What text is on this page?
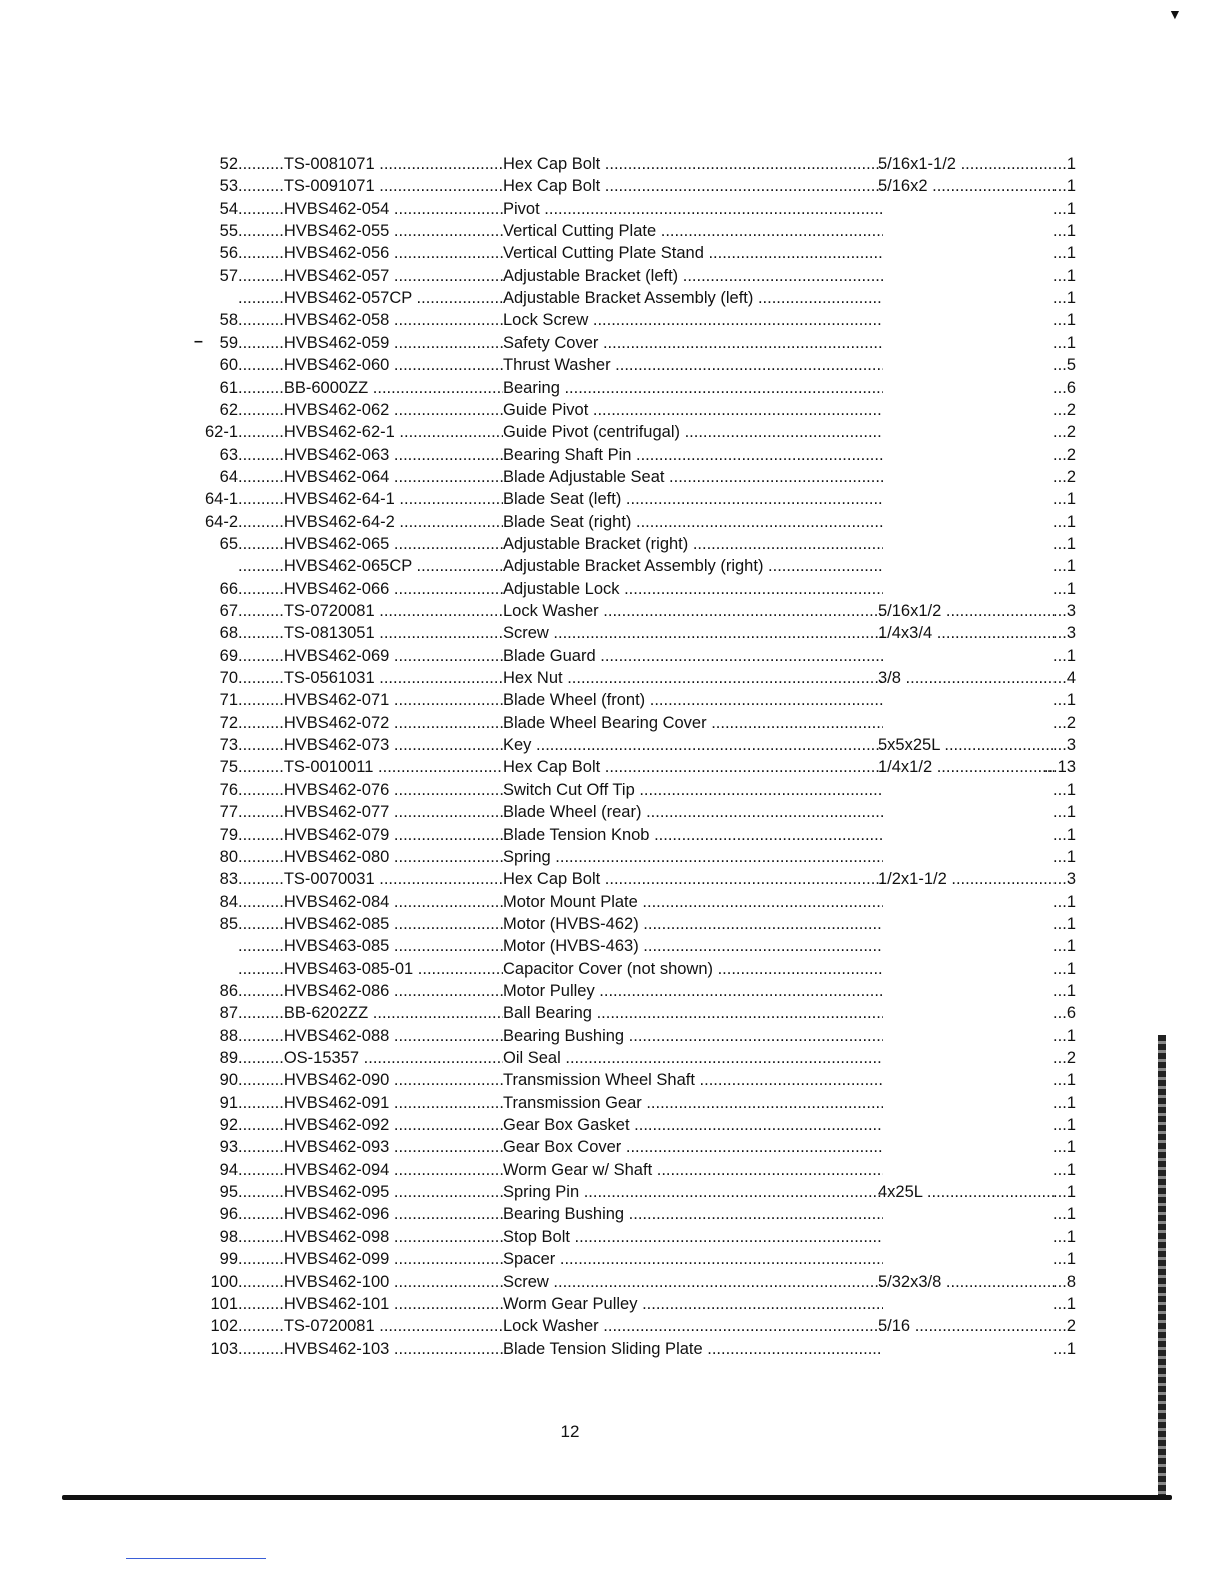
52	..... TS-0081071 .....	Hex Cap Bolt .....	5/16x1-1/2 .....	... 1
53	..... TS-0091071 .....	Hex Cap Bolt .....	5/16x2 .....	... 1
54	..... HVBS462-054 .....	Pivot .....	... 1
55	..... HVBS462-055 .....	Vertical Cutting Plate .....	... 1
56	..... HVBS462-056 .....	Vertical Cutting Plate Stand .....	... 1
57	..... HVBS462-057 .....	Adjustable Bracket (left) .....	... 1
..... HVBS462-057CP .....	Adjustable Bracket Assembly (left) .....	... 1
58	..... HVBS462-058 .....	Lock Screw .....	... 1
59	..... HVBS462-059 .....	Safety Cover .....	... 1
60	..... HVBS462-060 .....	Thrust Washer .....	... 5
61	..... BB-6000ZZ .....	Bearing .....	... 6
62	..... HVBS462-062 .....	Guide Pivot .....	... 2
62-1	..... HVBS462-62-1 .....	Guide Pivot (centrifugal) .....	... 2
63	..... HVBS462-063 .....	Bearing Shaft Pin .....	... 2
64	..... HVBS462-064 .....	Blade Adjustable Seat .....	... 2
64-1	..... HVBS462-64-1 .....	Blade Seat (left) .....	... 1
64-2	..... HVBS462-64-2 .....	Blade Seat (right) .....	... 1
65	..... HVBS462-065 .....	Adjustable Bracket (right) .....	... 1
..... HVBS462-065CP .....	Adjustable Bracket Assembly (right) .....	... 1
66	..... HVBS462-066 .....	Adjustable Lock .....	... 1
67	..... TS-0720081 .....	Lock Washer .....	5/16x1/2 .....	... 3
68	..... TS-0813051 .....	Screw .....	1/4x3/4 .....	... 3
69	..... HVBS462-069 .....	Blade Guard .....	... 1
70	..... TS-0561031 .....	Hex Nut .....	3/8 .....	... 4
71	..... HVBS462-071 .....	Blade Wheel (front) .....	... 1
72	..... HVBS462-072 .....	Blade Wheel Bearing Cover .....	... 2
73	..... HVBS462-073 .....	Key .....	5x5x25L .....	... 3
75	..... TS-0010011 .....	Hex Cap Bolt .....	1/4x1/2 .....	... 13
76	..... HVBS462-076 .....	Switch Cut Off Tip .....	... 1
77	..... HVBS462-077 .....	Blade Wheel (rear) .....	... 1
79	..... HVBS462-079 .....	Blade Tension Knob .....	... 1
80	..... HVBS462-080 .....	Spring .....	... 1
83	..... TS-0070031 .....	Hex Cap Bolt .....	1/2x1-1/2 .....	... 3
84	..... HVBS462-084 .....	Motor Mount Plate .....	... 1
85	..... HVBS462-085 .....	Motor (HVBS-462) .....	... 1
..... HVBS463-085 .....	Motor (HVBS-463) .....	... 1
..... HVBS463-085-01 .....	Capacitor Cover (not shown) .....	... 1
86	..... HVBS462-086 .....	Motor Pulley .....	... 1
87	..... BB-6202ZZ .....	Ball Bearing .....	... 6
88	..... HVBS462-088 .....	Bearing Bushing .....	... 1
89	..... OS-15357 .....	Oil Seal .....	... 2
90	..... HVBS462-090 .....	Transmission Wheel Shaft .....	... 1
91	..... HVBS462-091 .....	Transmission Gear .....	... 1
92	..... HVBS462-092 .....	Gear Box Gasket .....	... 1
93	..... HVBS462-093 .....	Gear Box Cover .....	... 1
94	..... HVBS462-094 .....	Worm Gear w/ Shaft .....	... 1
95	..... HVBS462-095 .....	Spring Pin .....	4x25L .....	... 1
96	..... HVBS462-096 .....	Bearing Bushing .....	... 1
98	..... HVBS462-098 .....	Stop Bolt .....	... 1
99	..... HVBS462-099 .....	Spacer .....	... 1
100	..... HVBS462-100 .....	Screw .....	5/32x3/8 .....	... 8
101	..... HVBS462-101 .....	Worm Gear Pulley .....	... 1
102	..... TS-0720081 .....	Lock Washer .....	5/16 .....	... 2
103	..... HVBS462-103 .....	Blade Tension Sliding Plate .....	... 1
–
12
▼
